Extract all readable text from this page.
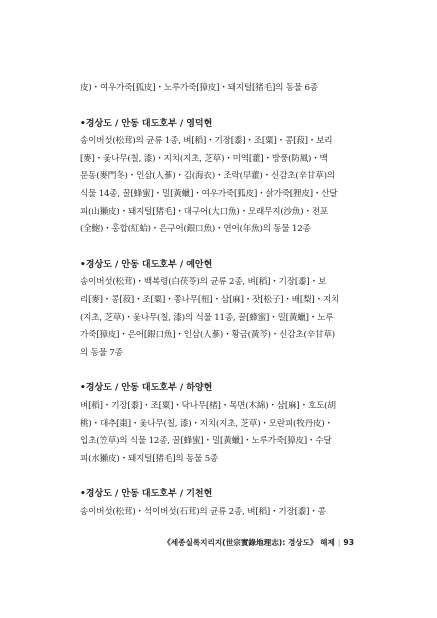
皮)・여우가죽[狐皮]・노루가죽[獐皮]・돼지털[猪毛]의 동물 6종
•경상도 / 안동 대도호부 / 영덕현
송이버섯(松茸)의 균류 1종, 벼[稻]・기장[黍]・조[粟]・콩[菽]・보리
[麥]・옻나무(칠, 漆)・지치(지초, 芝草)・미역[藿]・방풍(防風)・맥
문동(麥門冬)・인삼(人蔘)・김(海衣)・조락(早藿)・신감초(辛甘草)의
식물 14종, 꿀[蜂蜜]・밀[黃蠟]・여우가죽[狐皮]・삵가죽[狸皮]・산달
피(山獺皮)・돼지털[猪毛]・대구어(大口魚)・모래무지(沙魚)・전포
(全鮑)・홍합(紅蛤)・은구어(銀口魚)・연어(年魚)의 동물 12종
•경상도 / 안동 대도호부 / 예안현
송이버섯(松茸)・백복령(白茯苓)의 균류 2종, 벼[稻]・기장[黍]・보
리[麥]・콩[菽]・조[粟]・쫑나무[杻]・삼[麻]・잣[松子]・배[梨]・지치
(지초, 芝草)・옻나무(칠, 漆)의 식물 11종, 꿀[蜂蜜]・밀[黃蠟]・노루
가죽[獐皮]・은어[銀口魚]・인삼(人蔘)・황금(黃芩)・신감초(辛甘草)
의 동물 7종
•경상도 / 안동 대도호부 / 하양현
벼[稻]・기장[黍]・조[粟]・닥나무[楮]・목면(木綿)・삼[麻]・호도(胡
桃)・대추[棗]・옻나무(칠, 漆)・지치(지초, 芝草)・모란피(牧丹皮)・
입초(笠草)의 식물 12종, 꿀[蜂蜜]・밀[黃蠟]・노루가죽[獐皮]・수달
피(水獺皮)・돼지털[猪毛]의 동물 5종
•경상도 / 안동 대도호부 / 기천현
송이버섯(松茸)・석이버섯(石茸)의 균류 2종, 벼[稻]・기장[黍]・콩
《세종실록지리지(世宗實錄地理志): 경상도》 해제 | 93
